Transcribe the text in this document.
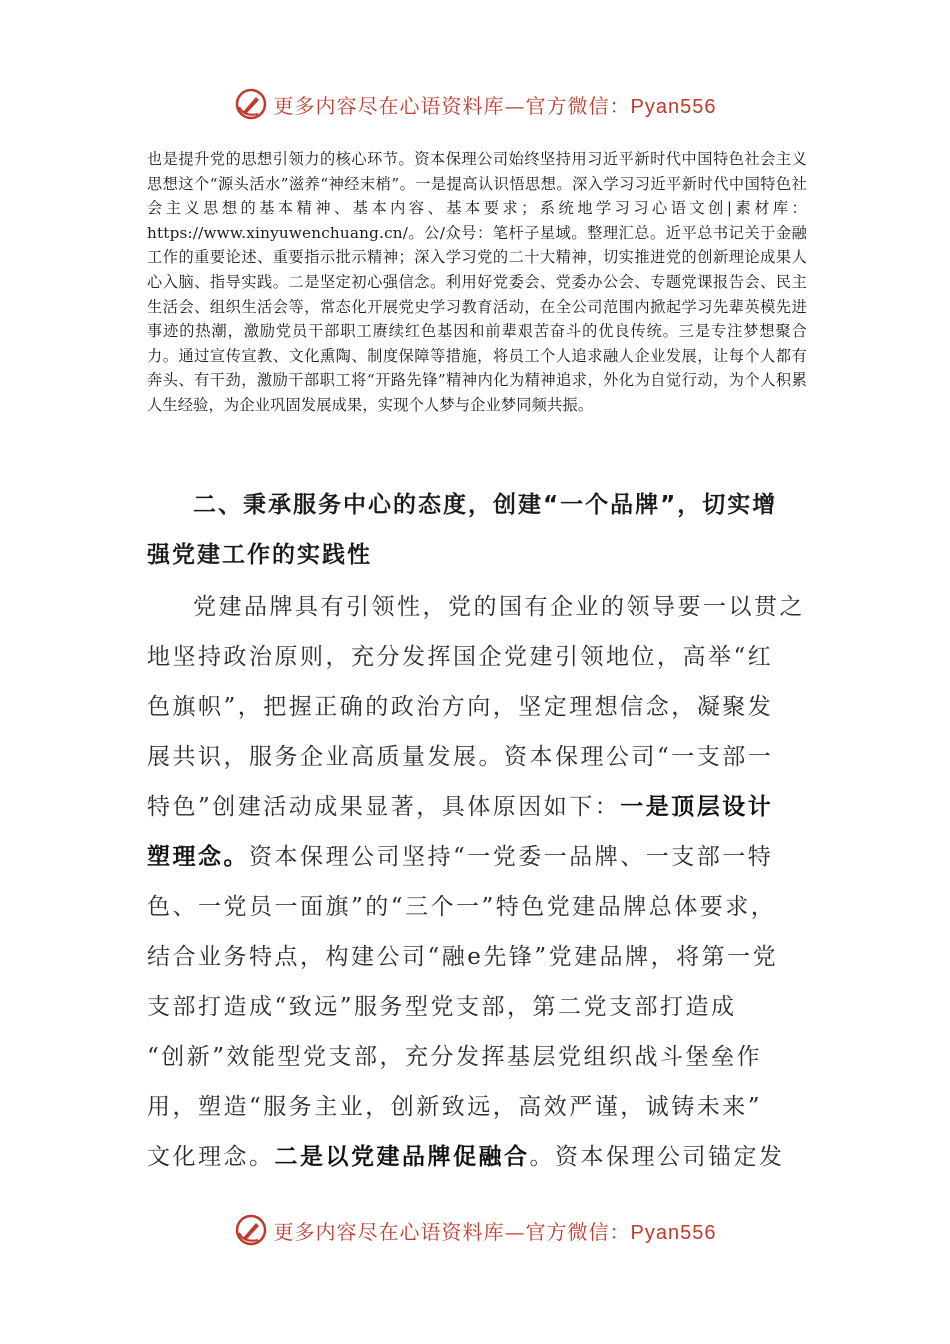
更多内容尽在心语资料库—官方微信：Pyan556

也是提升党的思想引领力的核心环节。资本保理公司始终坚持用习近平新时代中国特色社会主义思想这个“源头活水”滋养“神经末梢”。一是提高认识悟思想。深入学习习近平新时代中国特色社会主义思想的基本精神、基本内容、基本要求；系统地学习习心语文创|素材库：https://www.xinyuwenchuang.cn/。公/众号：笔杆子星域。整理汇总。近平总书记关于金融工作的重要论述、重要指示批示精神；深入学习党的二十大精神，切实推进党的创新理论成果人心入脑、指导实践。二是坚定初心强信念。利用好党委会、党委办公会、专题党课报告会、民主生活会、组织生活会等，常态化开展党史学习教育活动，在全公司范围内掀起学习先辈英模先进事迹的热潮，激励党员干部职工赓续红色基因和前辈艰苦奋斗的优良传统。三是专注梦想聚合力。通过宣传宣教、文化熏陶、制度保障等措施，将员工个人追求融人企业发展，让每个人都有奔头、有干劲，激励干部职工将“开路先锋”精神内化为精神追求，外化为自觉行动，为个人积累人生经验，为企业巩固发展成果，实现个人梦与企业梦同频共振。

二、秉承服务中心的态度，创建“一个品牌”，切实增
强党建工作的实践性
党建品牌具有引领性，党的国有企业的领导要一以贯之
地坚持政治原则，充分发挥国企党建引领地位，高举“红
色旗帜”，把握正确的政治方向，坚定理想信念，凝聚发
展共识，服务企业高质量发展。资本保理公司“一支部一
特色”创建活动成果显著，具体原因如下：一是顶层设计
塑理念。资本保理公司坚持“一党委一品牌、一支部一特
色、一党员一面旗”的“三个一”特色党建品牌总体要求，
结合业务特点，构建公司“融e先锋”党建品牌，将第一党
支部打造成“致远”服务型党支部，第二党支部打造成
“创新”效能型党支部，充分发挥基层党组织战斗堡垒作
用，塑造“服务主业，创新致远，高效严谨，诚铸未来”
文化理念。二是以党建品牌促融合。资本保理公司锚定发
更多内容尽在心语资料库—官方微信：Pyan556
